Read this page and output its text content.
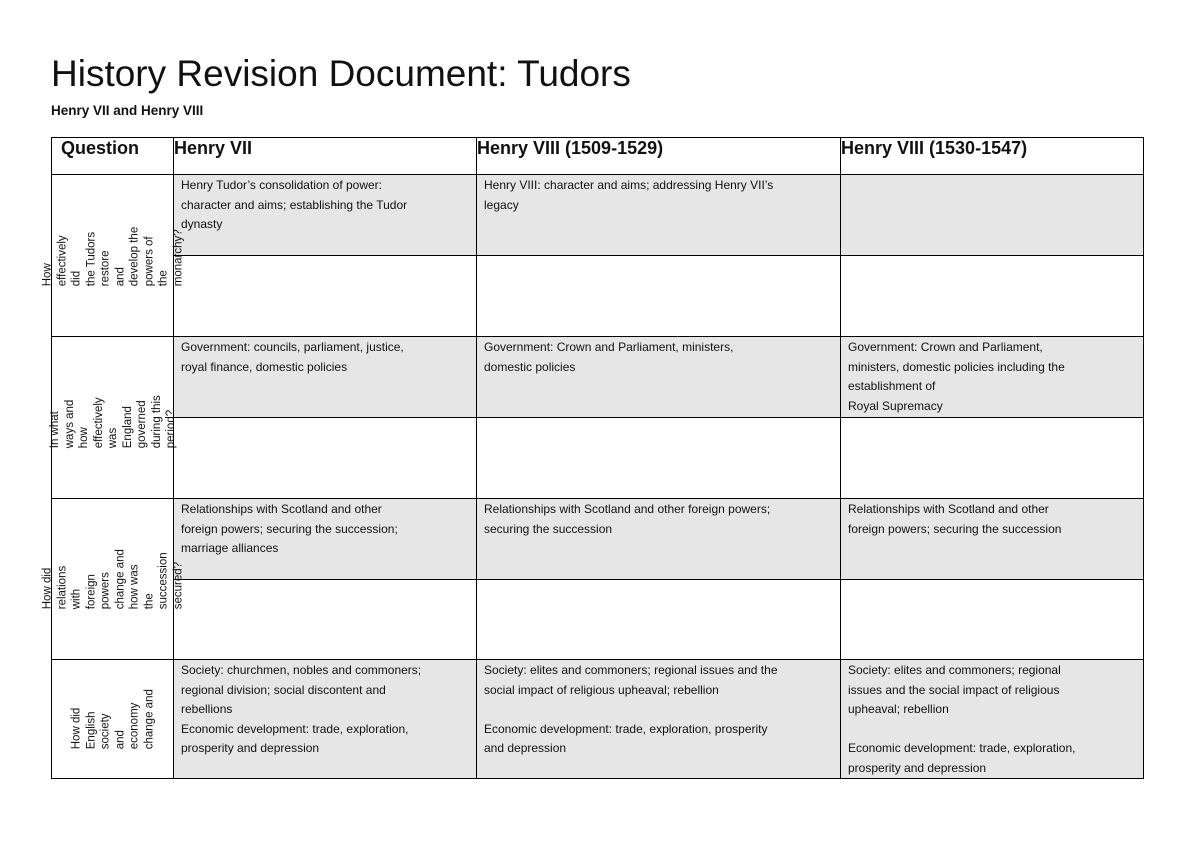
History Revision Document: Tudors
Henry VII and Henry VIII
Question	Henry VII	Henry VIII (1509-1529)	Henry VIII (1530-1547)

How effectively did
the Tudors restore
and develop the
powers of the
monarchy?	Henry Tudor’s consolidation of power:
character and aims; establishing the Tudor
dynasty	Henry VIII: character and aims; addressing Henry VII’s
legacy	

In what ways and how
effectively was
England governed
during this period?	Government: councils, parliament, justice,
royal finance, domestic policies	Government: Crown and Parliament, ministers,
domestic policies	Government: Crown and Parliament,
ministers, domestic policies including the
establishment of
Royal Supremacy

How did relations with
foreign powers
change and how was
the succession
secured?	Relationships with Scotland and other
foreign powers; securing the succession;
marriage alliances	Relationships with Scotland and other foreign powers;
securing the succession	Relationships with Scotland and other
foreign powers; securing the succession

How did
English society
and economy
change and	Society: churchmen, nobles and commoners;
regional division; social discontent and
rebellions
Economic development: trade, exploration,
prosperity and depression	Society: elites and commoners; regional issues and the
social impact of religious upheaval; rebellion

Economic development: trade, exploration, prosperity
and depression	Society: elites and commoners; regional
issues and the social impact of religious
upheaval; rebellion

Economic development: trade, exploration,
prosperity and depression
